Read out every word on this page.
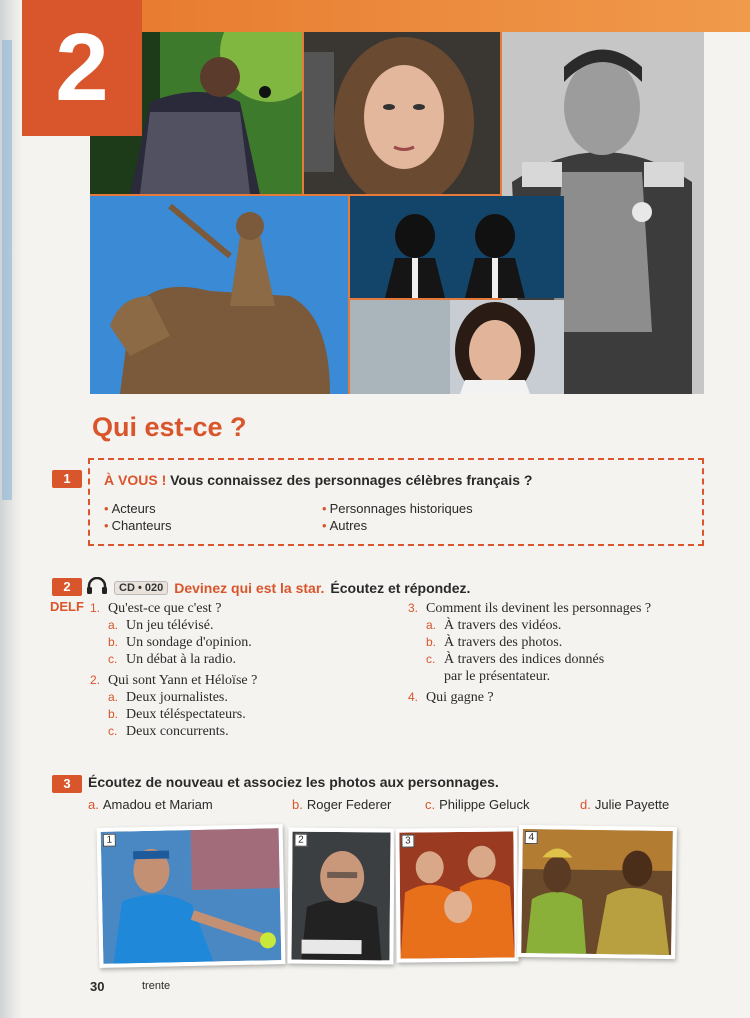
2
Qui est-ce ?
1	À VOUS ! Vous connaissez des personnages célèbres français ?
• Acteurs
• Chanteurs
• Personnages historiques
• Autres
2	CD • 020 Devinez qui est la star. Écoutez et répondez.
DELF 1. Qu'est-ce que c'est ?
a. Un jeu télévisé.
b. Un sondage d'opinion.
c. Un débat à la radio.
2. Qui sont Yann et Héloïse ?
a. Deux journalistes.
b. Deux téléspectateurs.
c. Deux concurrents.
3. Comment ils devinent les personnages ?
a. À travers des vidéos.
b. À travers des photos.
c. À travers des indices donnés
par le présentateur.
4. Qui gagne ?
3	Écoutez de nouveau et associez les photos aux personnages.
a. Amadou et Mariam	b. Roger Federer	c. Philippe Geluck	d. Julie Payette
1	2	3	4
30	trente
